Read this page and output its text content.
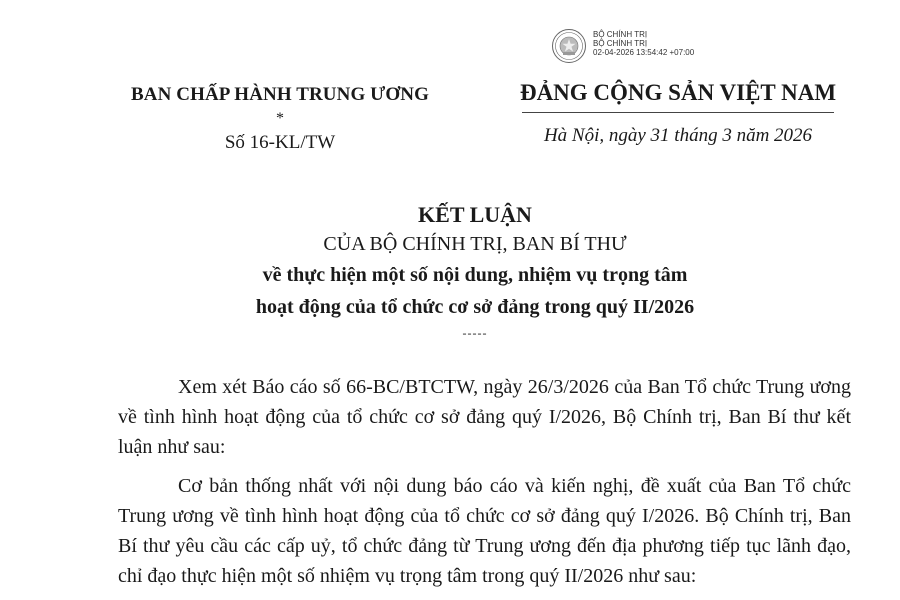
BỘ CHÍNH TRỊ
BỘ CHÍNH TRỊ
02-04-2026 13:54:42 +07:00
BAN CHẤP HÀNH TRUNG ƯƠNG
*
Số 16-KL/TW
ĐẢNG CỘNG SẢN VIỆT NAM
Hà Nội, ngày 31 tháng 3 năm 2026
KẾT LUẬN
CỦA BỘ CHÍNH TRỊ, BAN BÍ THƯ
về thực hiện một số nội dung, nhiệm vụ trọng tâm
hoạt động của tổ chức cơ sở đảng trong quý II/2026
-----

Xem xét Báo cáo số 66-BC/BTCTW, ngày 26/3/2026 của Ban Tổ chức Trung ương về tình hình hoạt động của tổ chức cơ sở đảng quý I/2026, Bộ Chính trị, Ban Bí thư kết luận như sau:

Cơ bản thống nhất với nội dung báo cáo và kiến nghị, đề xuất của Ban Tổ chức Trung ương về tình hình hoạt động của tổ chức cơ sở đảng quý I/2026. Bộ Chính trị, Ban Bí thư yêu cầu các cấp uỷ, tổ chức đảng từ Trung ương đến địa phương tiếp tục lãnh đạo, chỉ đạo thực hiện một số nhiệm vụ trọng tâm trong quý II/2026 như sau:
